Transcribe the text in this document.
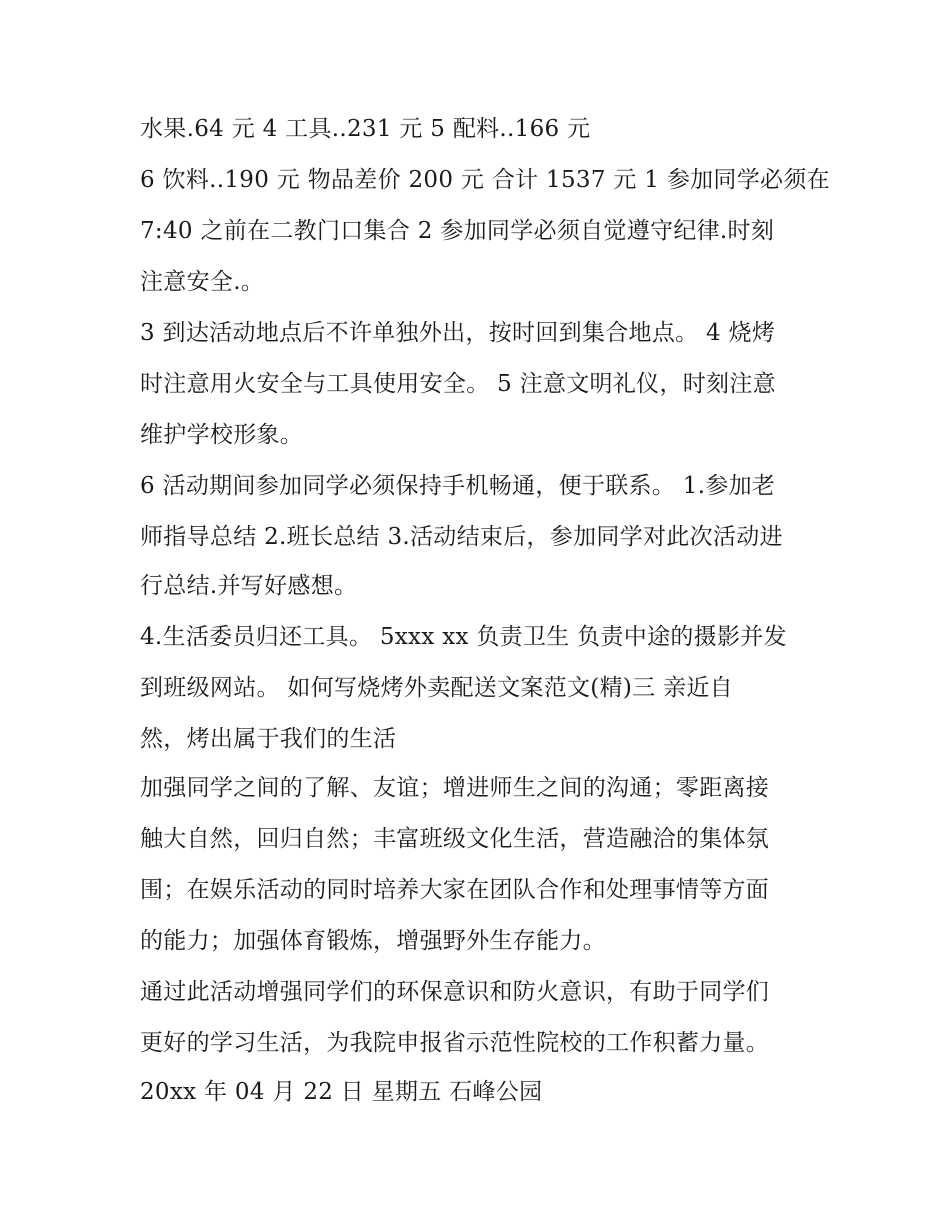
水果.64 元 4 工具..231 元 5 配料..166 元

6 饮料..190 元 物品差价 200 元 合计 1537 元 1 参加同学必须在

7:40 之前在二教门口集合 2 参加同学必须自觉遵守纪律.时刻

注意安全.。

3 到达活动地点后不许单独外出，按时回到集合地点。 4 烧烤

时注意用火安全与工具使用安全。 5 注意文明礼仪，时刻注意

维护学校形象。

6 活动期间参加同学必须保持手机畅通，便于联系。 1.参加老

师指导总结 2.班长总结 3.活动结束后，参加同学对此次活动进

行总结.并写好感想。

4.生活委员归还工具。 5xxx xx 负责卫生 负责中途的摄影并发

到班级网站。 如何写烧烤外卖配送文案范文(精)三 亲近自

然，烤出属于我们的生活

加强同学之间的了解、友谊；增进师生之间的沟通；零距离接

触大自然，回归自然；丰富班级文化生活，营造融洽的集体氛

围；在娱乐活动的同时培养大家在团队合作和处理事情等方面

的能力；加强体育锻炼，增强野外生存能力。

通过此活动增强同学们的环保意识和防火意识，有助于同学们

更好的学习生活，为我院申报省示范性院校的工作积蓄力量。

20xx 年 04 月 22 日 星期五 石峰公园
